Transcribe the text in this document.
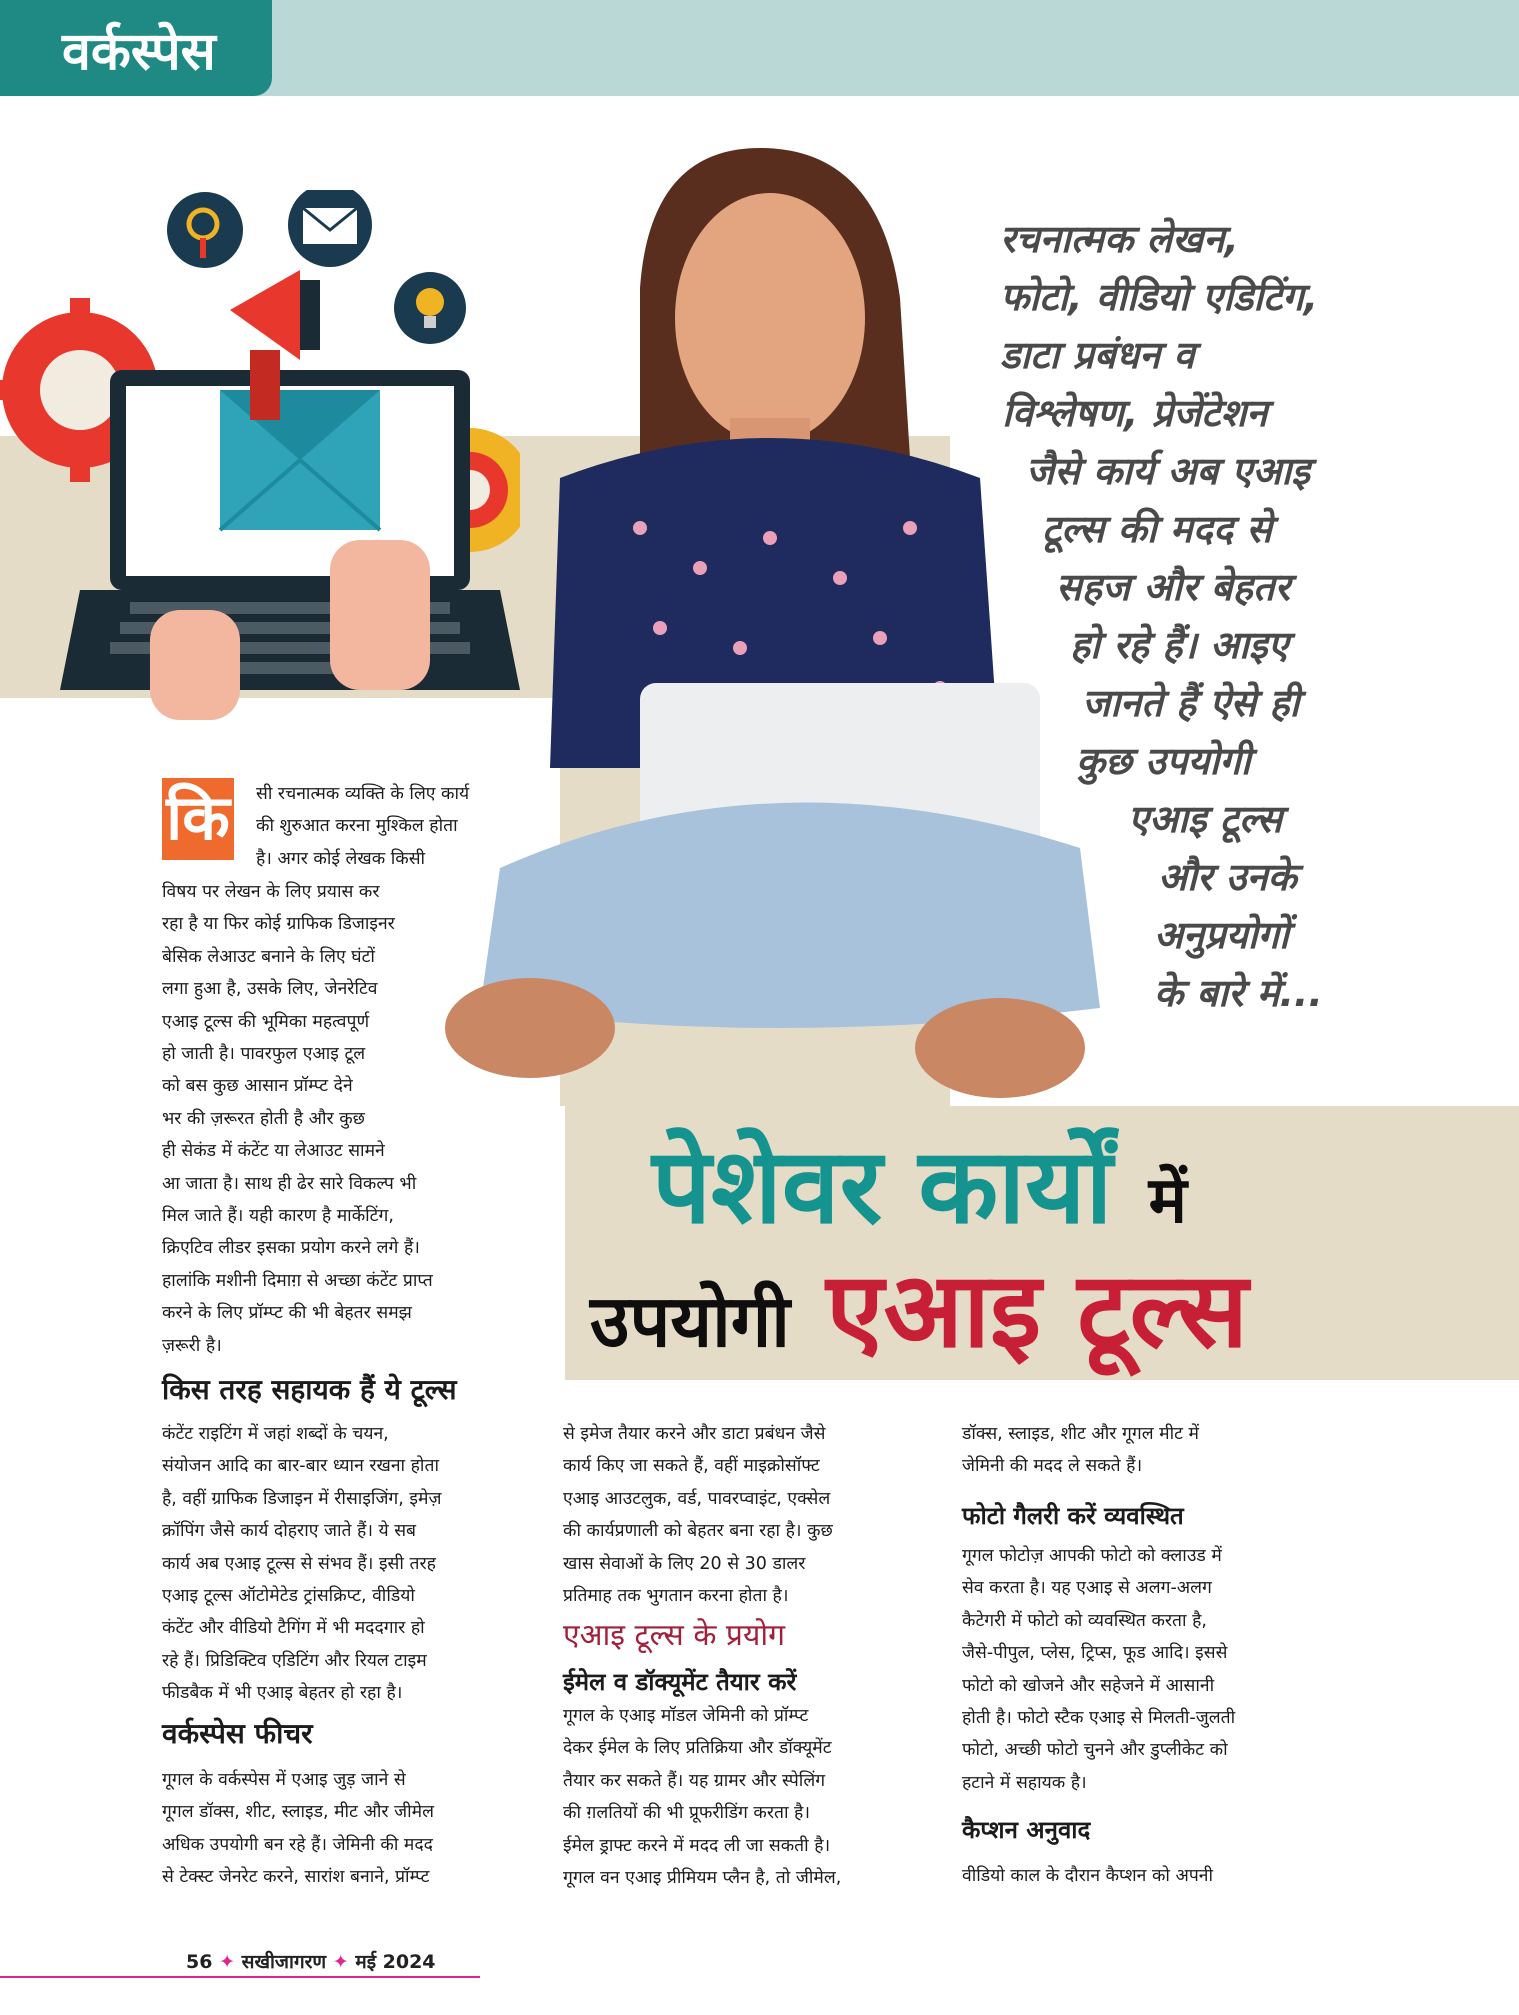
वर्कस्पेस
रचनात्मक लेखन,
फोटो, वीडियो एडिटिंग,
डाटा प्रबंधन व
विश्लेषण, प्रेजेंटेशन
जैसे कार्य अब एआइ
टूल्स की मदद से
सहज और बेहतर
हो रहे हैं। आइए
जानते हैं ऐसे ही
कुछ उपयोगी
एआइ टूल्स
और उनके
अनुप्रयोगों
के बारे में...
पेशेवर कार्यों में
उपयोगी एआइ टूल्स
कि सी रचनात्मक व्यक्ति के लिए कार्य
की शुरुआत करना मुश्किल होता
है। अगर कोई लेखक किसी
विषय पर लेखन के लिए प्रयास कर
रहा है या फिर कोई ग्राफिक डिजाइनर
बेसिक लेआउट बनाने के लिए घंटों
लगा हुआ है, उसके लिए, जेनरेटिव
एआइ टूल्स की भूमिका महत्वपूर्ण
हो जाती है। पावरफुल एआइ टूल
को बस कुछ आसान प्रॉम्प्ट देने
भर की ज़रूरत होती है और कुछ
ही सेकंड में कंटेंट या लेआउट सामने
आ जाता है। साथ ही ढेर सारे विकल्प भी
मिल जाते हैं। यही कारण है मार्केटिंग,
क्रिएटिव लीडर इसका प्रयोग करने लगे हैं।
हालांकि मशीनी दिमाग़ से अच्छा कंटेंट प्राप्त
करने के लिए प्रॉम्प्ट की भी बेहतर समझ
ज़रूरी है।
किस तरह सहायक हैं ये टूल्स
कंटेंट राइटिंग में जहां शब्दों के चयन,
संयोजन आदि का बार-बार ध्यान रखना होता
है, वहीं ग्राफिक डिजाइन में रीसाइजिंग, इमेज़
क्रॉपिंग जैसे कार्य दोहराए जाते हैं। ये सब
कार्य अब एआइ टूल्स से संभव हैं। इसी तरह
एआइ टूल्स ऑटोमेटेड ट्रांसक्रिप्ट, वीडियो
कंटेंट और वीडियो टैगिंग में भी मददगार हो
रहे हैं। प्रिडिक्टिव एडिटिंग और रियल टाइम
फीडबैक में भी एआइ बेहतर हो रहा है।
वर्कस्पेस फीचर
गूगल के वर्कस्पेस में एआइ जुड़ जाने से
गूगल डॉक्स, शीट, स्लाइड, मीट और जीमेल
अधिक उपयोगी बन रहे हैं। जेमिनी की मदद
से टेक्स्ट जेनरेट करने, सारांश बनाने, प्रॉम्प्ट
से इमेज तैयार करने और डाटा प्रबंधन जैसे
कार्य किए जा सकते हैं, वहीं माइक्रोसॉफ्ट
एआइ आउटलुक, वर्ड, पावरप्वाइंट, एक्सेल
की कार्यप्रणाली को बेहतर बना रहा है। कुछ
खास सेवाओं के लिए 20 से 30 डालर
प्रतिमाह तक भुगतान करना होता है।
एआइ टूल्स के प्रयोग
ईमेल व डॉक्यूमेंट तैयार करें
गूगल के एआइ मॉडल जेमिनी को प्रॉम्प्ट
देकर ईमेल के लिए प्रतिक्रिया और डॉक्यूमेंट
तैयार कर सकते हैं। यह ग्रामर और स्पेलिंग
की ग़लतियों की भी प्रूफरीडिंग करता है।
ईमेल ड्राफ्ट करने में मदद ली जा सकती है।
गूगल वन एआइ प्रीमियम प्लैन है, तो जीमेल,
डॉक्स, स्लाइड, शीट और गूगल मीट में
जेमिनी की मदद ले सकते हैं।
फोटो गैलरी करें व्यवस्थित
गूगल फोटोज़ आपकी फोटो को क्लाउड में
सेव करता है। यह एआइ से अलग-अलग
कैटेगरी में फोटो को व्यवस्थित करता है,
जैसे-पीपुल, प्लेस, ट्रिप्स, फूड आदि। इससे
फोटो को खोजने और सहेजने में आसानी
होती है। फोटो स्टैक एआइ से मिलती-जुलती
फोटो, अच्छी फोटो चुनने और डुप्लीकेट को
हटाने में सहायक है।
कैप्शन अनुवाद
वीडियो काल के दौरान कैप्शन को अपनी
56 ✦ सखीजागरण ✦ मई 2024
